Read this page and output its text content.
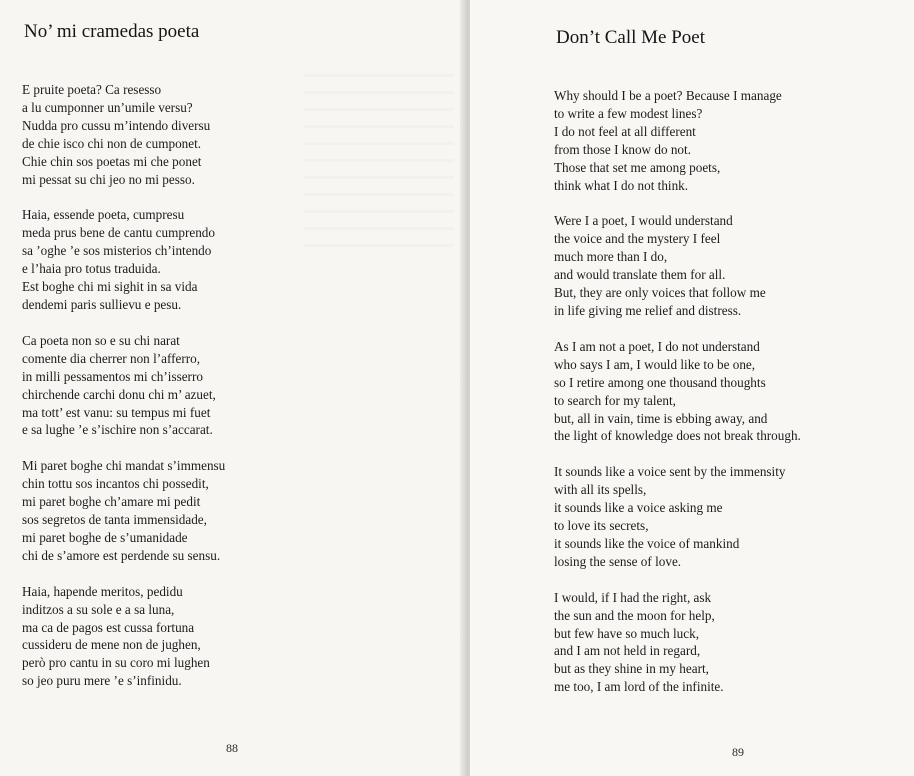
No’ mi cramedas poeta

E pruite poeta? Ca resesso
a lu cumponner un’umile versu?
Nudda pro cussu m’intendo diversu
de chie isco chi non de cumponet.
Chie chin sos poetas mi che ponet
mi pessat su chi jeo no mi pesso.

Haia, essende poeta, cumpresu
meda prus bene de cantu cumprendo
sa ’oghe ’e sos misterios ch’intendo
e l’haia pro totus traduida.
Est boghe chi mi sighit in sa vida
dendemi paris sullievu e pesu.

Ca poeta non so e su chi narat
comente dia cherrer non l’afferro,
in milli pessamentos mi ch’isserro
chirchende carchi donu chi m’ azuet,
ma tott’ est vanu: su tempus mi fuet
e sa lughe ’e s’ischire non s’accarat.

Mi paret boghe chi mandat s’immensu
chin tottu sos incantos chi possedit,
mi paret boghe ch’amare mi pedit
sos segretos de tanta immensidade,
mi paret boghe de s’umanidade
chi de s’amore est perdende su sensu.

Haia, hapende meritos, pedidu
inditzos a su sole e a sa luna,
ma ca de pagos est cussa fortuna
cussideru de mene non de jughen,
però pro cantu in su coro mi lughen
so jeo puru mere ’e s’infinidu.

88
Don’t Call Me Poet

Why should I be a poet? Because I manage
to write a few modest lines?
I do not feel at all different
from those I know do not.
Those that set me among poets,
think what I do not think.

Were I a poet, I would understand
the voice and the mystery I feel
much more than I do,
and would translate them for all.
But, they are only voices that follow me
in life giving me relief and distress.

As I am not a poet, I do not understand
who says I am, I would like to be one,
so I retire among one thousand thoughts
to search for my talent,
but, all in vain, time is ebbing away, and
the light of knowledge does not break through.

It sounds like a voice sent by the immensity
with all its spells,
it sounds like a voice asking me
to love its secrets,
it sounds like the voice of mankind
losing the sense of love.

I would, if I had the right, ask
the sun and the moon for help,
but few have so much luck,
and I am not held in regard,
but as they shine in my heart,
me too, I am lord of the infinite.

89
